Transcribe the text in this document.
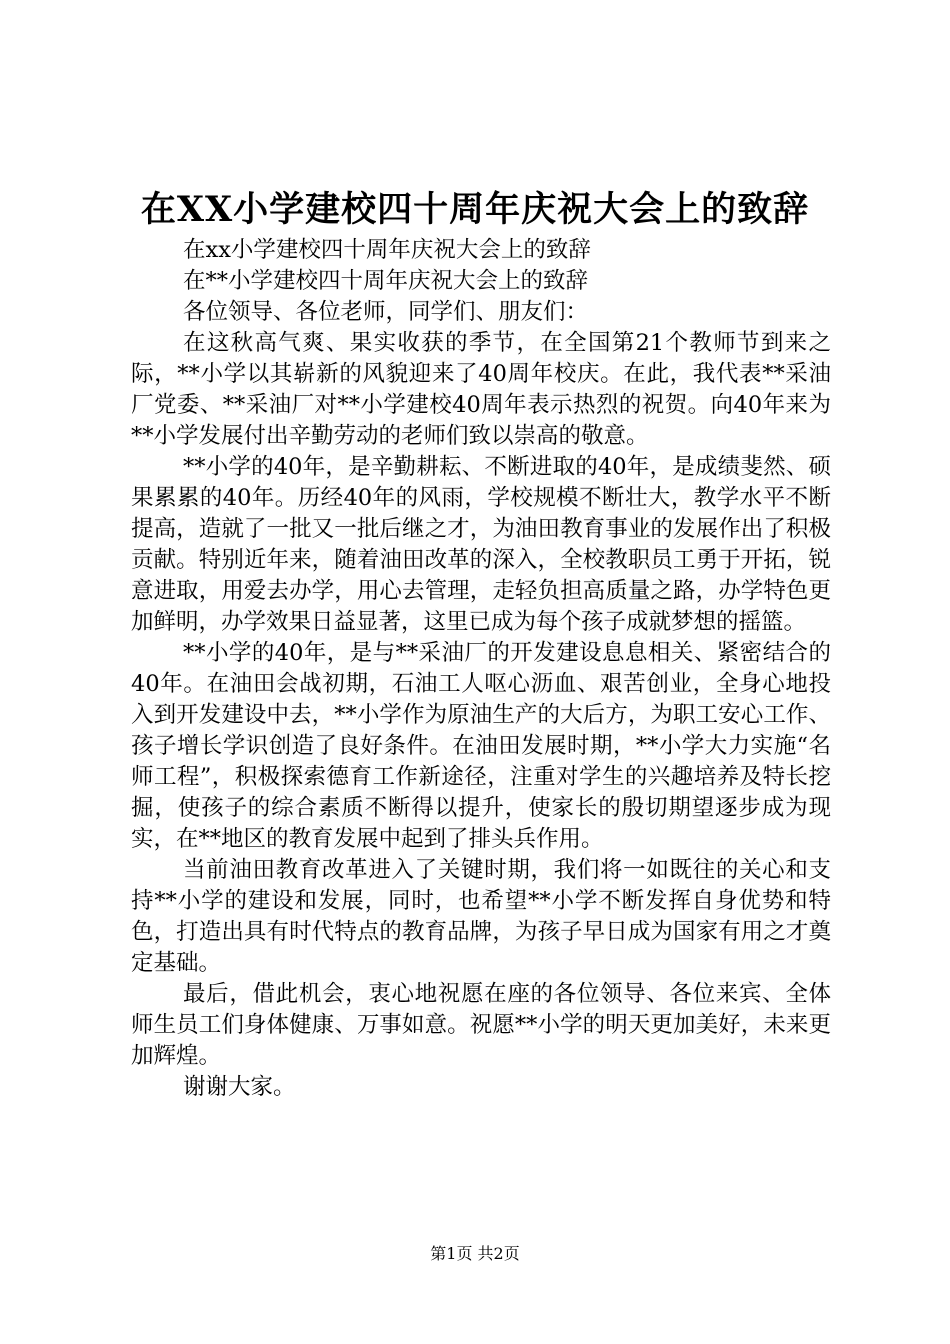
在XX小学建校四十周年庆祝大会上的致辞

在xx小学建校四十周年庆祝大会上的致辞

在**小学建校四十周年庆祝大会上的致辞

各位领导、各位老师，同学们、朋友们：

在这秋高气爽、果实收获的季节，在全国第21个教师节到来之际，**小学以其崭新的风貌迎来了40周年校庆。在此，我代表**采油厂党委、**采油厂对**小学建校40周年表示热烈的祝贺。向40年来为**小学发展付出辛勤劳动的老师们致以崇高的敬意。

**小学的40年，是辛勤耕耘、不断进取的40年，是成绩斐然、硕果累累的40年。历经40年的风雨，学校规模不断壮大，教学水平不断提高，造就了一批又一批后继之才，为油田教育事业的发展作出了积极贡献。特别近年来，随着油田改革的深入，全校教职员工勇于开拓，锐意进取，用爱去办学，用心去管理，走轻负担高质量之路，办学特色更加鲜明，办学效果日益显著，这里已成为每个孩子成就梦想的摇篮。

**小学的40年，是与**采油厂的开发建设息息相关、紧密结合的40年。在油田会战初期，石油工人呕心沥血、艰苦创业，全身心地投入到开发建设中去，**小学作为原油生产的大后方，为职工安心工作、孩子增长学识创造了良好条件。在油田发展时期，**小学大力实施“名师工程”，积极探索德育工作新途径，注重对学生的兴趣培养及特长挖掘，使孩子的综合素质不断得以提升，使家长的殷切期望逐步成为现实，在**地区的教育发展中起到了排头兵作用。

当前油田教育改革进入了关键时期，我们将一如既往的关心和支持**小学的建设和发展，同时，也希望**小学不断发挥自身优势和特色，打造出具有时代特点的教育品牌，为孩子早日成为国家有用之才奠定基础。

最后，借此机会，衷心地祝愿在座的各位领导、各位来宾、全体师生员工们身体健康、万事如意。祝愿**小学的明天更加美好，未来更加辉煌。

谢谢大家。

第1页 共2页
